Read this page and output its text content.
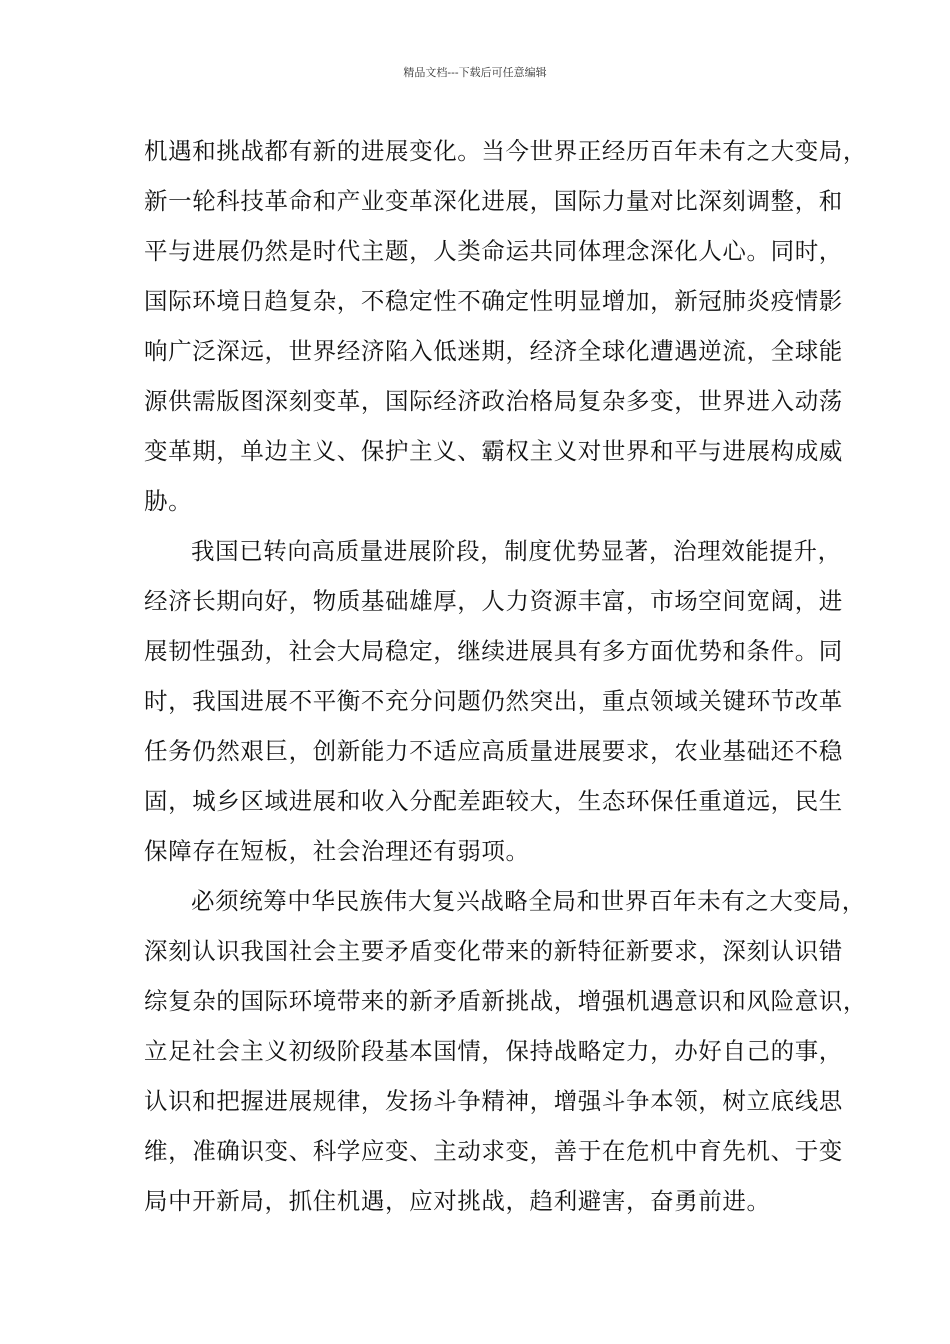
精品文档---下载后可任意编辑
机遇和挑战都有新的进展变化。当今世界正经历百年未有之大变局，
新一轮科技革命和产业变革深化进展，国际力量对比深刻调整，和
平与进展仍然是时代主题，人类命运共同体理念深化人心。同时，
国际环境日趋复杂，不稳定性不确定性明显增加，新冠肺炎疫情影
响广泛深远，世界经济陷入低迷期，经济全球化遭遇逆流，全球能
源供需版图深刻变革，国际经济政治格局复杂多变，世界进入动荡
变革期，单边主义、保护主义、霸权主义对世界和平与进展构成威
胁。
我国已转向高质量进展阶段，制度优势显著，治理效能提升，
经济长期向好，物质基础雄厚，人力资源丰富，市场空间宽阔，进
展韧性强劲，社会大局稳定，继续进展具有多方面优势和条件。同
时，我国进展不平衡不充分问题仍然突出，重点领域关键环节改革
任务仍然艰巨，创新能力不适应高质量进展要求，农业基础还不稳
固，城乡区域进展和收入分配差距较大，生态环保任重道远，民生
保障存在短板，社会治理还有弱项。
必须统筹中华民族伟大复兴战略全局和世界百年未有之大变局，
深刻认识我国社会主要矛盾变化带来的新特征新要求，深刻认识错
综复杂的国际环境带来的新矛盾新挑战，增强机遇意识和风险意识，
立足社会主义初级阶段基本国情，保持战略定力，办好自己的事，
认识和把握进展规律，发扬斗争精神，增强斗争本领，树立底线思
维，准确识变、科学应变、主动求变，善于在危机中育先机、于变
局中开新局，抓住机遇，应对挑战，趋利避害，奋勇前进。
